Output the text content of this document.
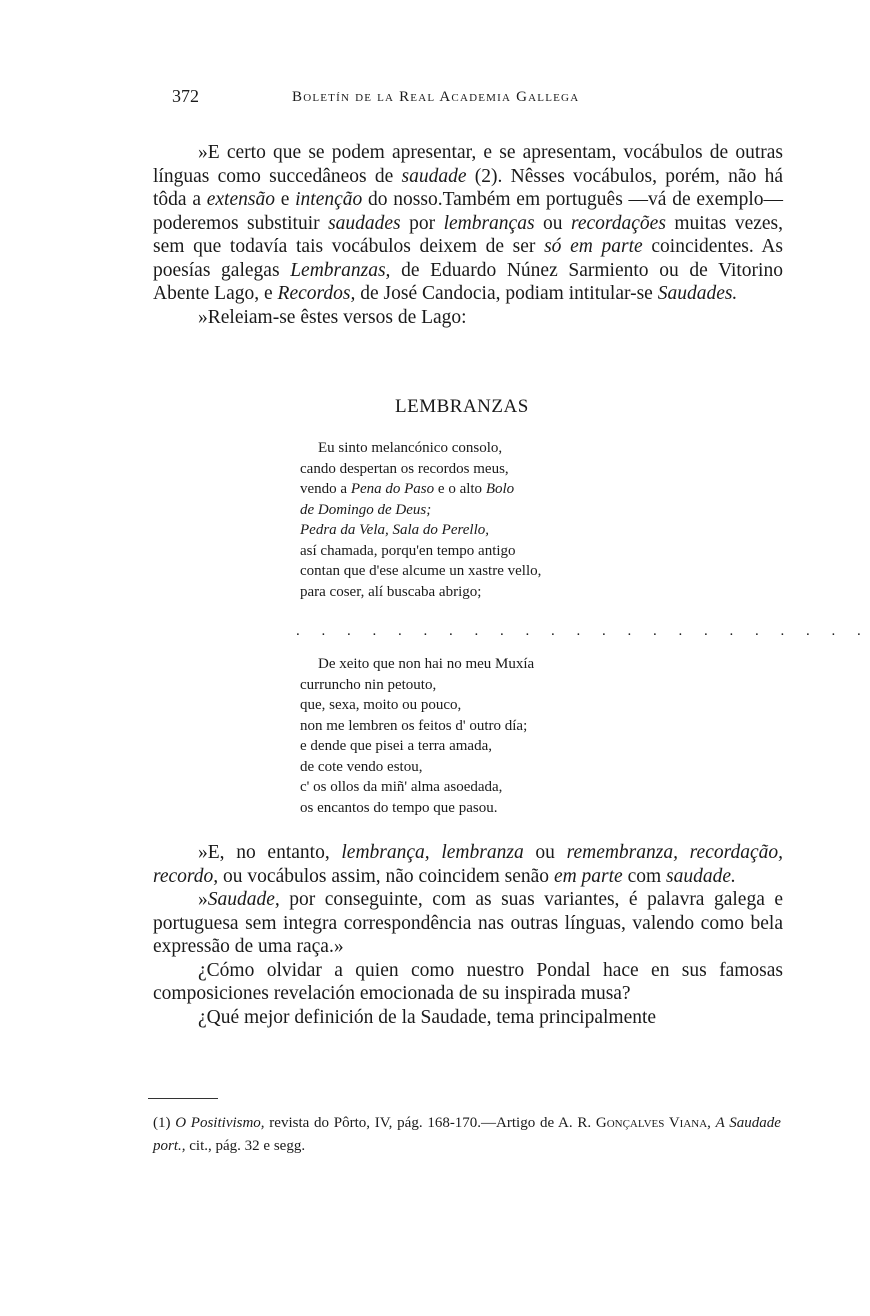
372	Boletín de la Real Academia Gallega

»E certo que se podem apresentar, e se apresentam, vocábulos de outras línguas como succedâneos de saudade (2). Nêsses vocábulos, porém, não há tôda a extensão e intenção do nosso.Também em português —vá de exemplo— poderemos substituir saudades por lembranças ou recordações muitas vezes, sem que todavía tais vocábulos deixem de ser só em parte coincidentes. As poesías galegas Lembranzas, de Eduardo Núnez Sarmiento ou de Vitorino Abente Lago, e Recordos, de José Candocia, podiam intitular-se Saudades.

»Releiam-se êstes versos de Lago:

LEMBRANZAS
Eu sinto melancónico consolo,
cando despertan os recordos meus,
vendo a Pena do Paso e o alto Bolo
de Domingo de Deus;
Pedra da Vela, Sala do Perello,
así chamada, porqu'en tempo antigo
contan que d'ese alcume un xastre vello,
para coser, alí buscaba abrigo;
. . . . . . . . . . . . . . . . . . . . . . .
De xeito que non hai no meu Muxía
curruncho nin petouto,
que, sexa, moito ou pouco,
non me lembren os feitos d' outro día;
e dende que pisei a terra amada,
de cote vendo estou,
c' os ollos da miñ' alma asoedada,
os encantos do tempo que pasou.

»E, no entanto, lembrança, lembranza ou remembranza, recordação, recordo, ou vocábulos assim, não coincidem senão em parte com saudade.

»Saudade, por conseguinte, com as suas variantes, é palavra galega e portuguesa sem integra correspondência nas outras línguas, valendo como bela expressão de uma raça.»

¿Cómo olvidar a quien como nuestro Pondal hace en sus famosas composiciones revelación emocionada de su inspirada musa?

¿Qué mejor definición de la Saudade, tema principalmente

(1) O Positivismo, revista do Pôrto, IV, pág. 168-170.—Artigo de A. R. Gonçalves Viana, A Saudade port., cit., pág. 32 e segg.
